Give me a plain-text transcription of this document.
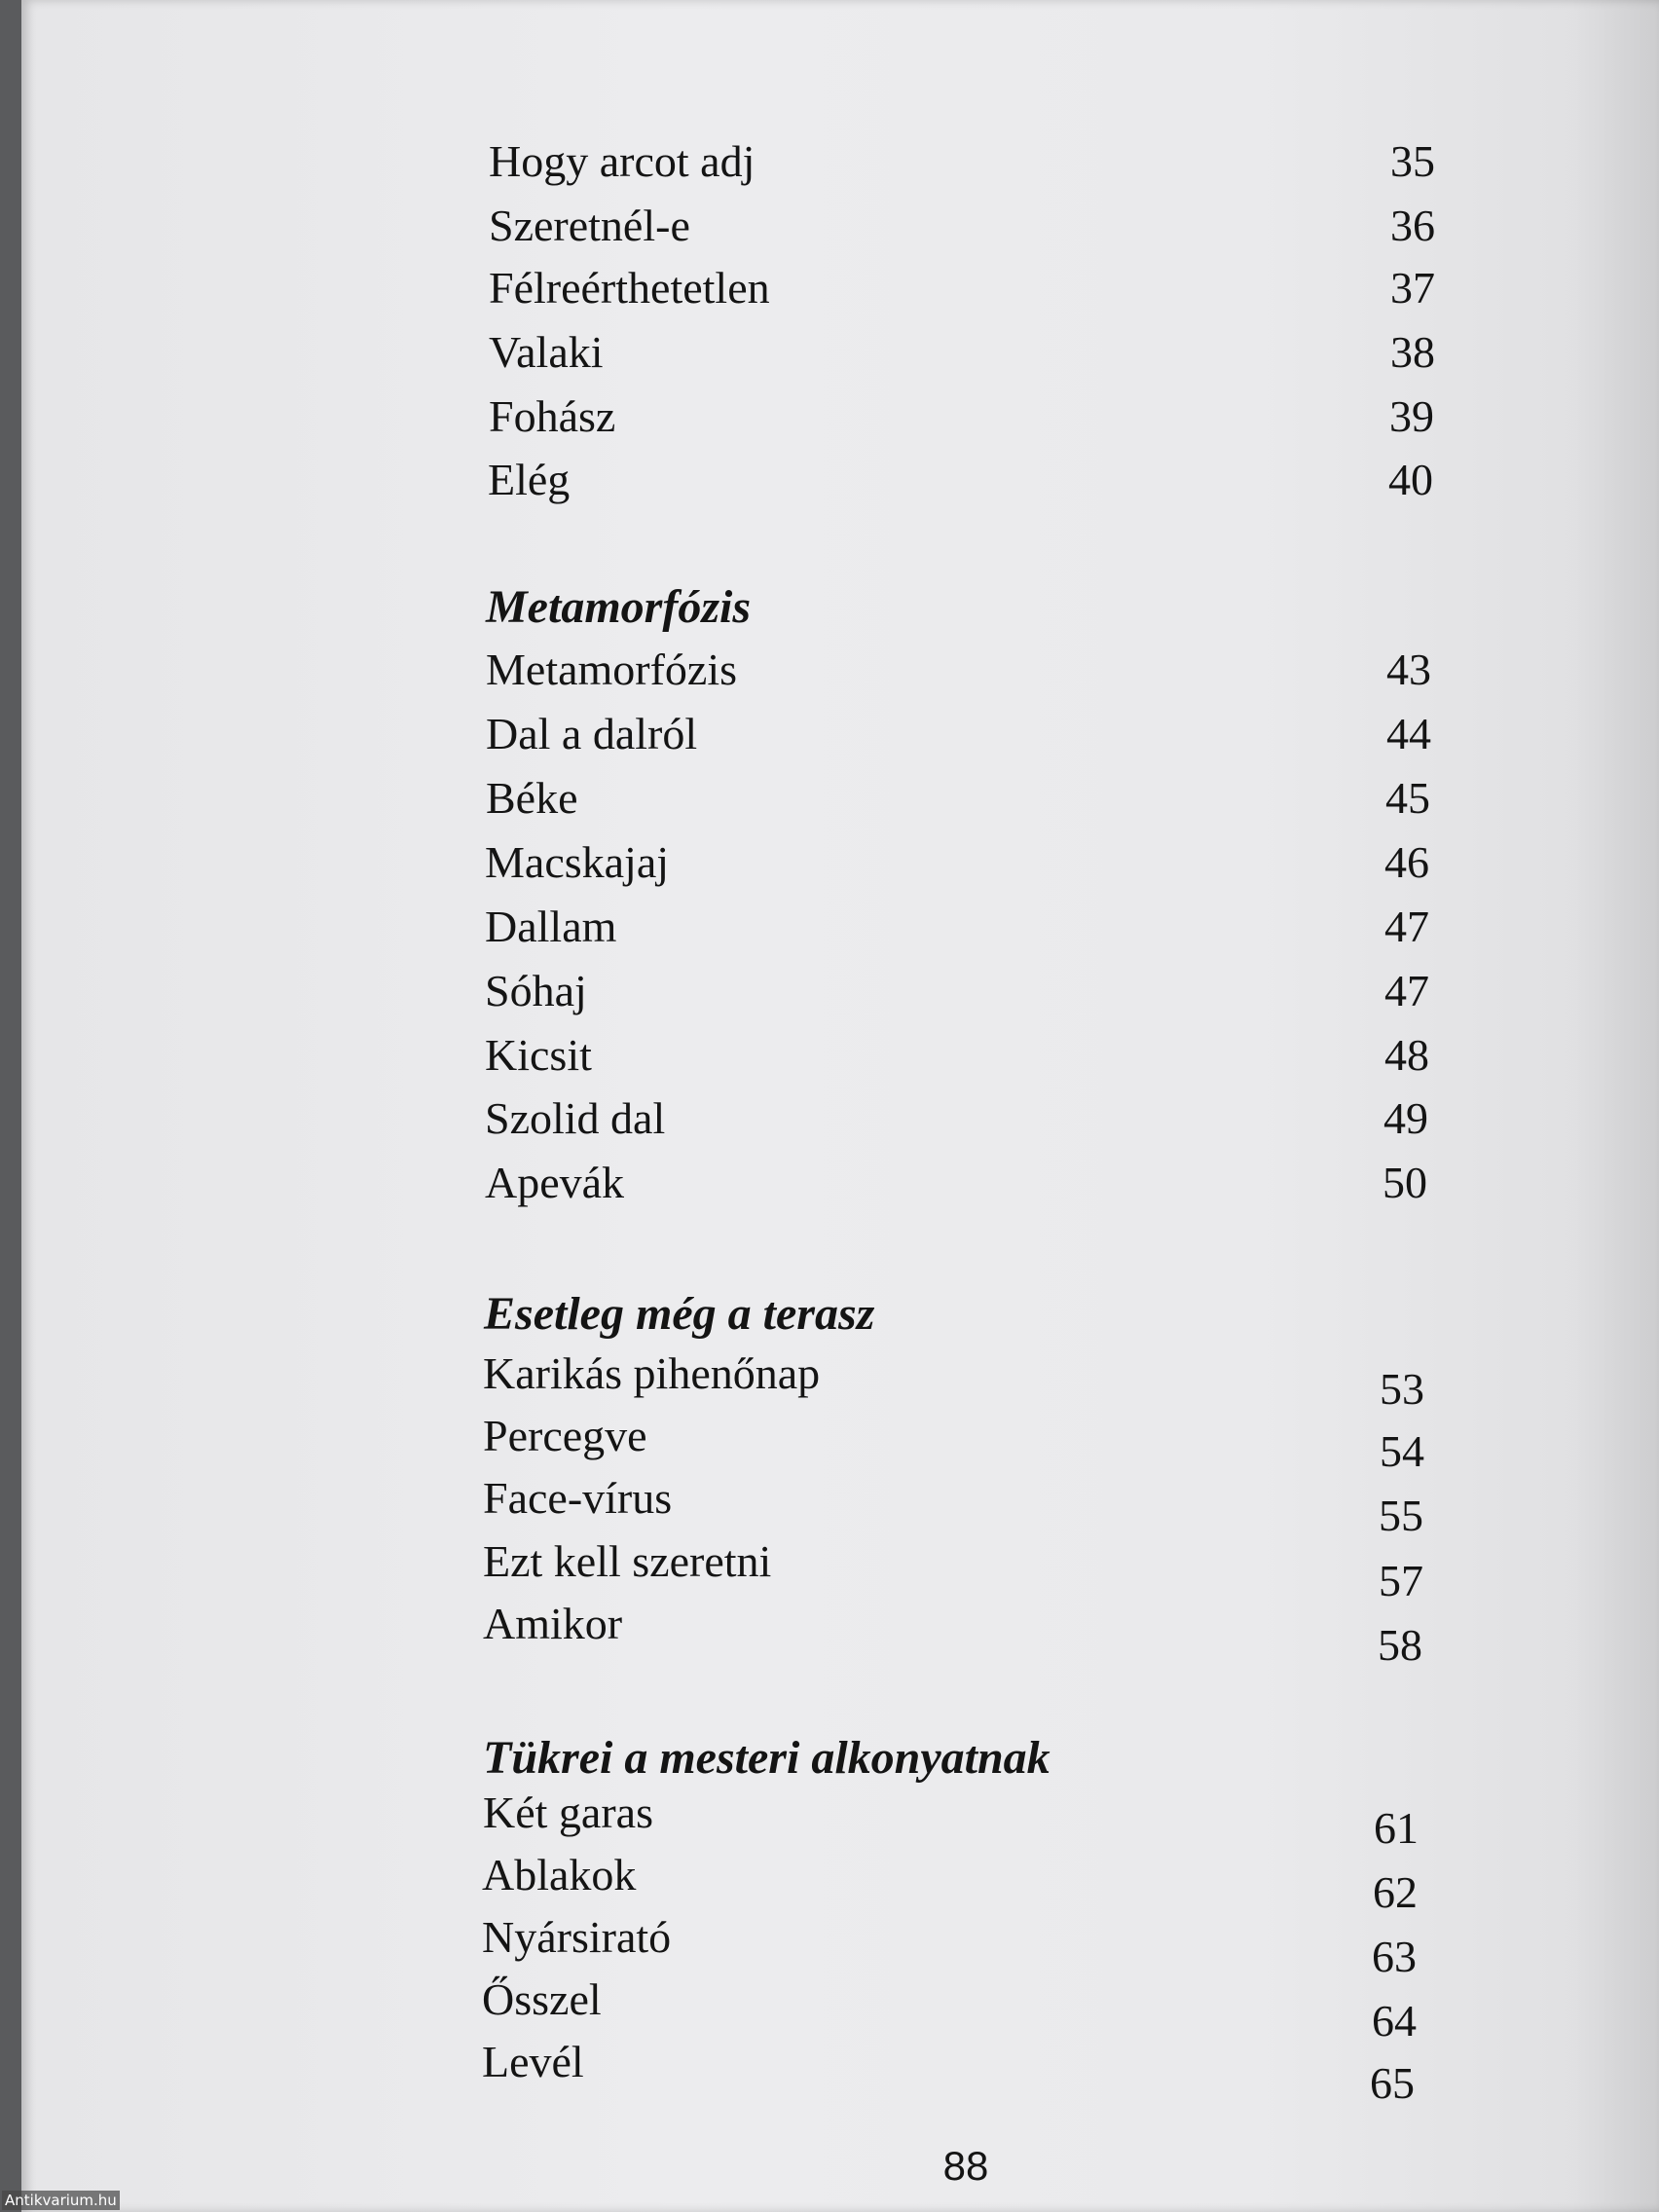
Hogy arcot adj	35
Szeretnél-e	36
Félreérthetetlen	37
Valaki	38
Fohász	39
Elég	40
Metamorfózis
Metamorfózis	43
Dal a dalról	44
Béke	45
Macskajaj	46
Dallam	47
Sóhaj	47
Kicsit	48
Szolid dal	49
Apevák	50
Esetleg még a terasz
Karikás pihenőnap	53
Percegve	54
Face-vírus	55
Ezt kell szeretni	57
Amikor	58
Tükrei a mesteri alkonyatnak
Két garas	61
Ablakok	62
Nyársirató	63
Ősszel	64
Levél	65
88
Antikvarium.hu
